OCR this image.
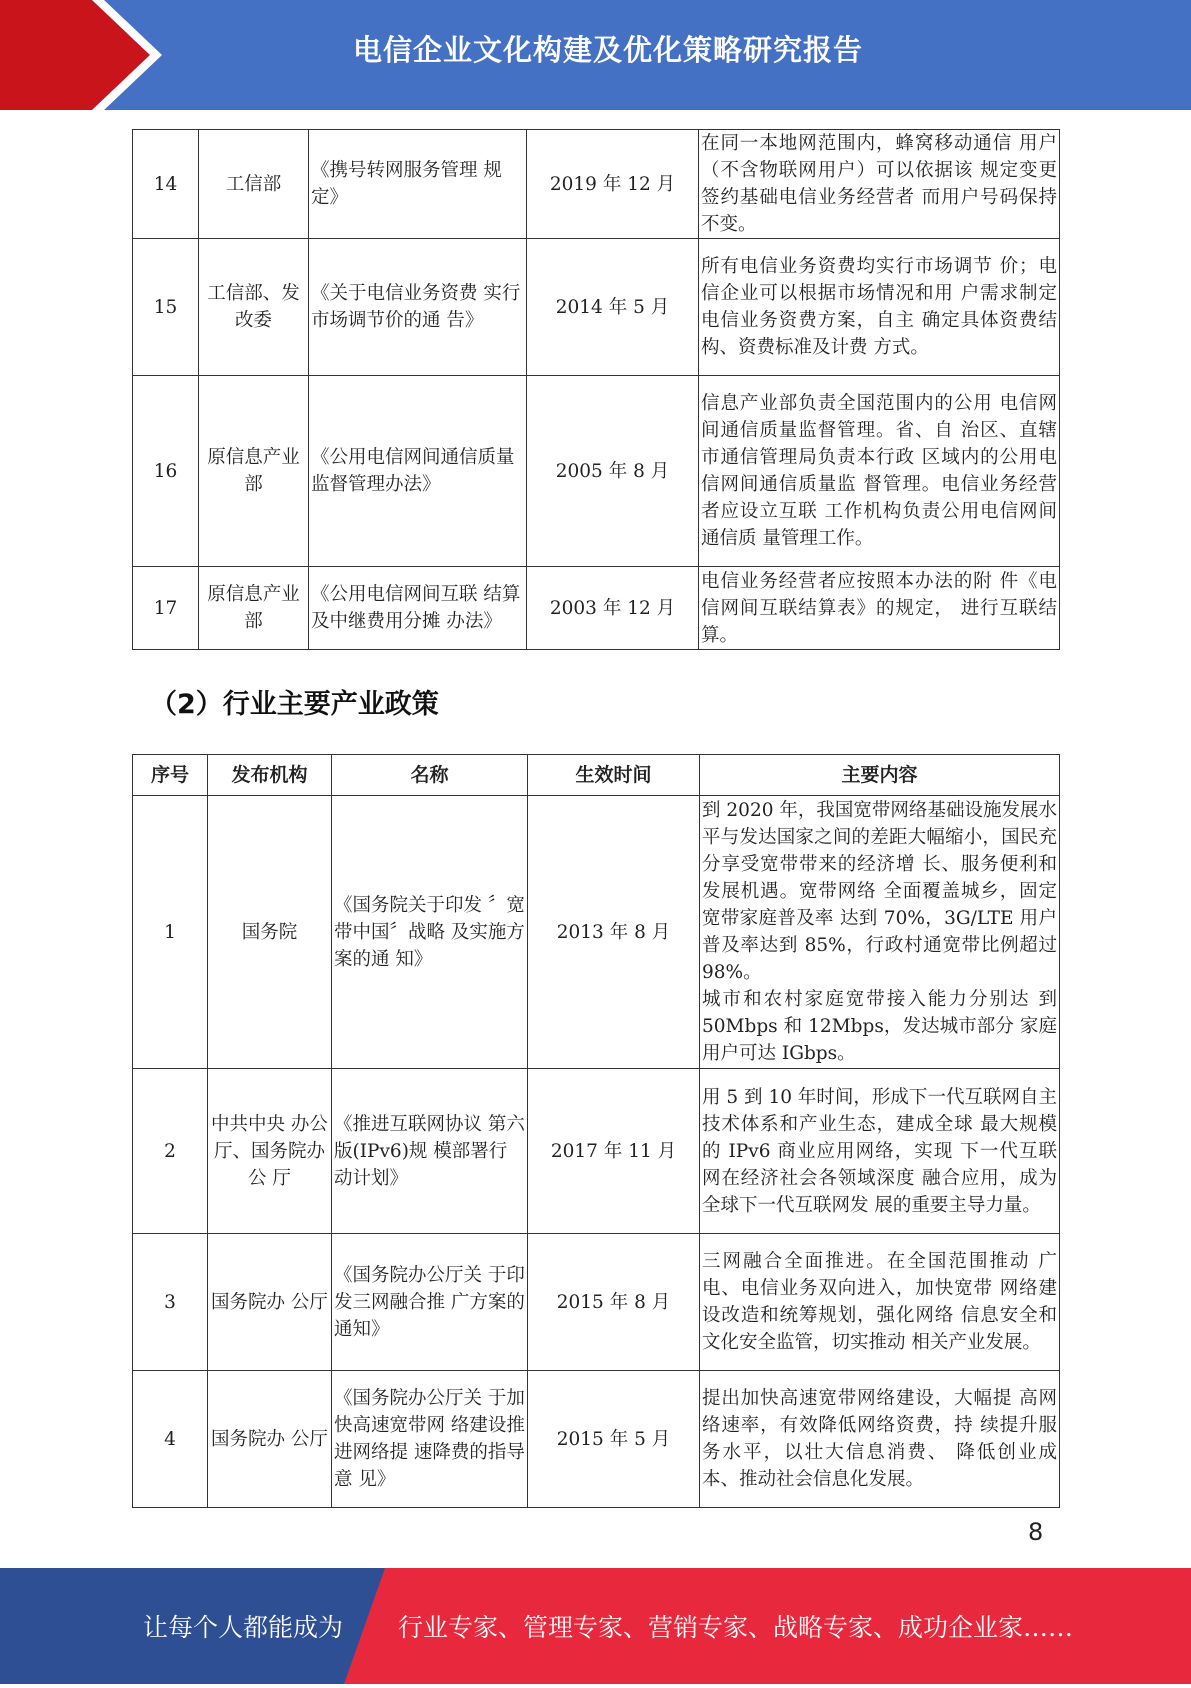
电信企业文化构建及优化策略研究报告
14	工信部	《携号转网服务管理 规定》	2019 年 12 月	在同一本地网范围内，蜂窝移动通信 用户（不含物联网用户）可以依据该 规定变更签约基础电信业务经营者 而用户号码保持不变。
15	工信部、发改委	《关于电信业务资费 实行市场调节价的通 告》	2014 年 5 月	所有电信业务资费均实行市场调节 价；电信企业可以根据市场情况和用 户需求制定电信业务资费方案，自主 确定具体资费结构、资费标准及计费 方式。
16	原信息产业部	《公用电信网间通信质量监督管理办法》	2005 年 8 月	信息产业部负责全国范围内的公用 电信网间通信质量监督管理。省、自 治区、直辖市通信管理局负责本行政 区域内的公用电信网间通信质量监 督管理。电信业务经营者应设立互联 工作机构负责公用电信网间通信质 量管理工作。
17	原信息产业部	《公用电信网间互联 结算及中继费用分摊 办法》	2003 年 12 月	电信业务经营者应按照本办法的附 件《电信网间互联结算表》的规定， 进行互联结算。
（2）行业主要产业政策
序号	发布机构	名称	生效时间	主要内容
1	国务院	《国务院关于印发 〞宽带中国〞战略 及实施方案的通 知》	2013 年 8 月	到 2020 年，我国宽带网络基础设施发展水平与发达国家之间的差距大幅缩小，国民充分享受宽带带来的经济增 长、服务便利和发展机遇。宽带网络 全面覆盖城乡，固定宽带家庭普及率 达到 70%，3G/LTE 用户普及率达到 85%，行政村通宽带比例超过 98%。
城市和农村家庭宽带接入能力分别达 到 50Mbps 和 12Mbps，发达城市部分 家庭用户可达 IGbps。

2	中共中央 办公厅、国务院办公 厅	《推进互联网协议 第六版(IPv6)规 模部署行动计划》	2017 年 11 月	用 5 到 10 年时间，形成下一代互联网自主技术体系和产业生态，建成全球 最大规模的 IPv6 商业应用网络，实现 下一代互联网在经济社会各领域深度 融合应用，成为全球下一代互联网发 展的重要主导力量。
3	国务院办 公厅	《国务院办公厅关 于印发三网融合推 广方案的通知》	2015 年 8 月	三网融合全面推进。在全国范围推动 广电、电信业务双向进入，加快宽带 网络建设改造和统筹规划，强化网络 信息安全和文化安全监管，切实推动 相关产业发展。
4	国务院办 公厅	《国务院办公厅关 于加快高速宽带网 络建设推进网络提 速降费的指导意 见》	2015 年 5 月	提出加快高速宽带网络建设，大幅提 高网络速率，有效降低网络资费，持 续提升服务水平，以壮大信息消费、 降低创业成本、推动社会信息化发展。
8
让每个人都能成为 行业专家、管理专家、营销专家、战略专家、成功企业家……
